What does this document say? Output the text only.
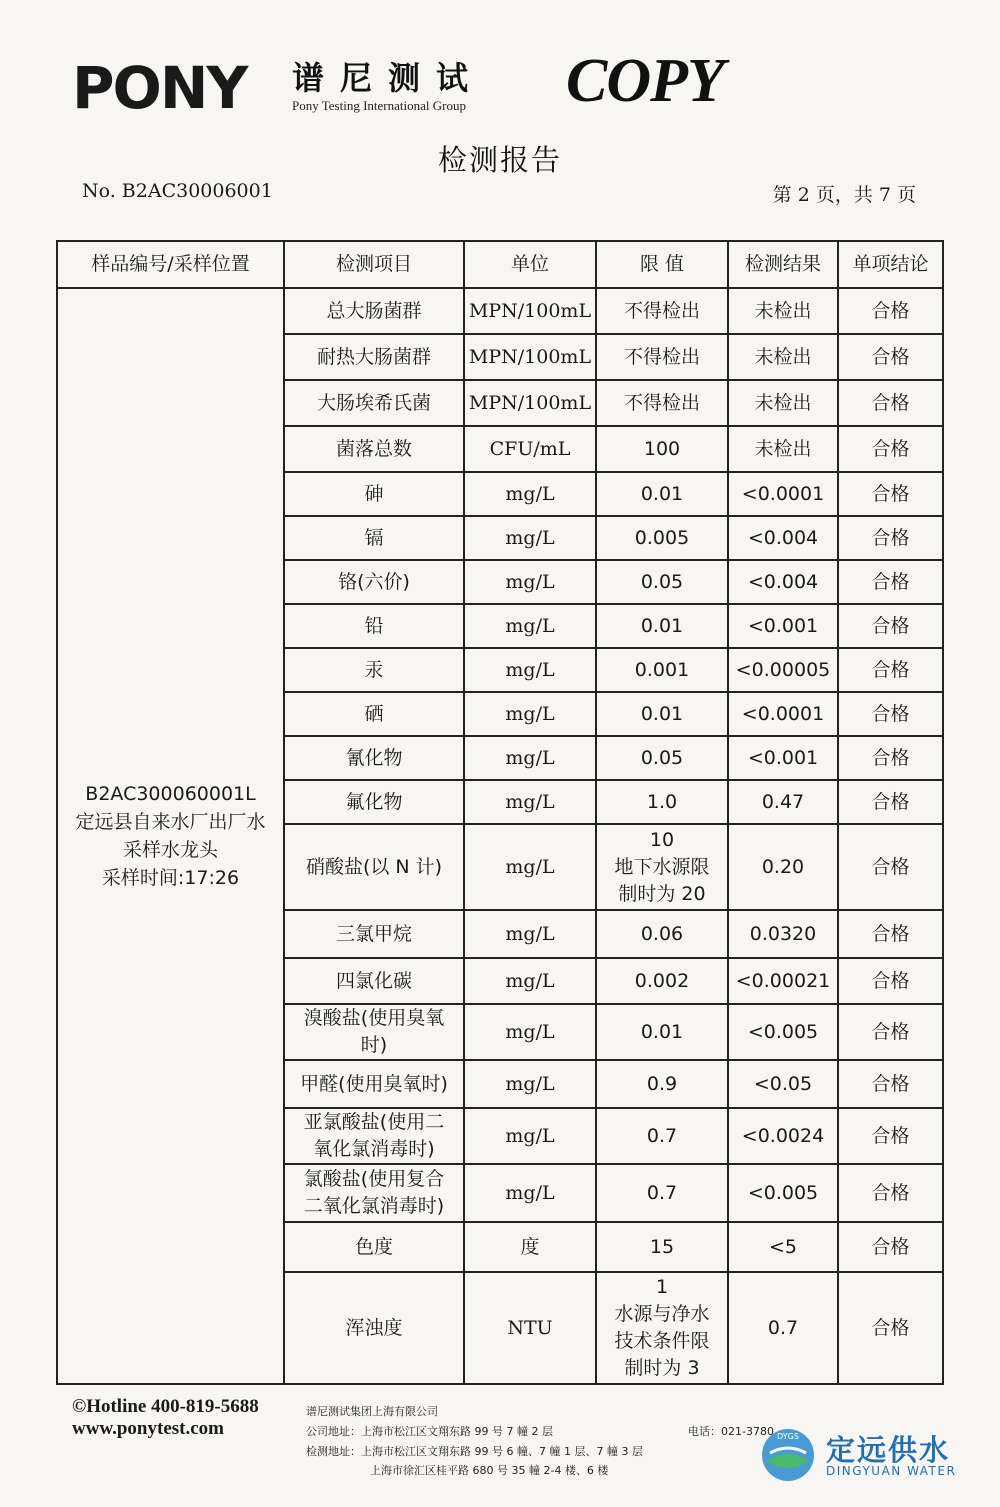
PONY 谱尼测试
Pony Testing International Group COPY
检测报告
No. B2AC30006001	第 2 页，共 7 页
样品编号/采样位置	检测项目	单位	限 值	检测结果	单项结论
B2AC300060001L
定远县自来水厂出厂水
采样水龙头
采样时间:17:26	总大肠菌群	MPN/100mL	不得检出	未检出	合格
	耐热大肠菌群	MPN/100mL	不得检出	未检出	合格
	大肠埃希氏菌	MPN/100mL	不得检出	未检出	合格
	菌落总数	CFU/mL	100	未检出	合格
	砷	mg/L	0.01	<0.0001	合格
	镉	mg/L	0.005	<0.004	合格
	铬(六价)	mg/L	0.05	<0.004	合格
	铅	mg/L	0.01	<0.001	合格
	汞	mg/L	0.001	<0.00005	合格
	硒	mg/L	0.01	<0.0001	合格
	氰化物	mg/L	0.05	<0.001	合格
	氟化物	mg/L	1.0	0.47	合格
	硝酸盐(以 N 计)	mg/L	10
地下水源限
制时为 20	0.20	合格
	三氯甲烷	mg/L	0.06	0.0320	合格
	四氯化碳	mg/L	0.002	<0.00021	合格
	溴酸盐(使用臭氧
时)	mg/L	0.01	<0.005	合格
	甲醛(使用臭氧时)	mg/L	0.9	<0.05	合格
	亚氯酸盐(使用二
氧化氯消毒时)	mg/L	0.7	<0.0024	合格
	氯酸盐(使用复合
二氧化氯消毒时)	mg/L	0.7	<0.005	合格
	色度	度	15	<5	合格
	浑浊度	NTU	1
水源与净水
技术条件限
制时为 3	0.7	合格
©Hotline 400-819-5688
www.ponytest.com
谱尼测试集团上海有限公司
公司地址：上海市松江区文翔东路 99 号 7 幢 2 层
检测地址：上海市松江区文翔东路 99 号 6 幢、7 幢 1 层、7 幢 3 层
上海市徐汇区桂平路 680 号 35 幢 2-4 楼、6 楼
电话：021-3780 DYGS 定远供水
DINGYUAN WATER
